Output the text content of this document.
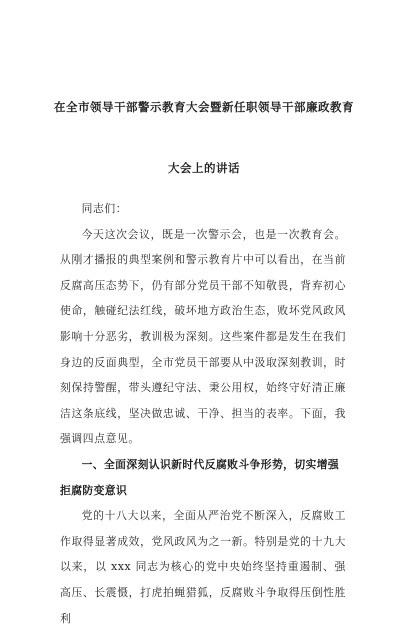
在全市领导干部警示教育大会暨新任职领导干部廉政教育
大会上的讲话

同志们：

今天这次会议，既是一次警示会，也是一次教育会。从刚才播报的典型案例和警示教育片中可以看出，在当前反腐高压态势下，仍有部分党员干部不知敬畏，背弃初心使命，触碰纪法红线，破坏地方政治生态，败坏党风政风影响十分恶劣，教训极为深刻。这些案件都是发生在我们身边的反面典型，全市党员干部要从中汲取深刻教训，时刻保持警醒，带头遵纪守法、秉公用权，始终守好清正廉洁这条底线，坚决做忠诚、干净、担当的表率。下面，我强调四点意见。

一、全面深刻认识新时代反腐败斗争形势，切实增强拒腐防变意识

党的十八大以来，全面从严治党不断深入，反腐败工作取得显著成效，党风政风为之一新。特别是党的十九大以来，以 xxx 同志为核心的党中央始终坚持重遏制、强高压、长震慑，打虎拍蝇猎狐，反腐败斗争取得压倒性胜利
